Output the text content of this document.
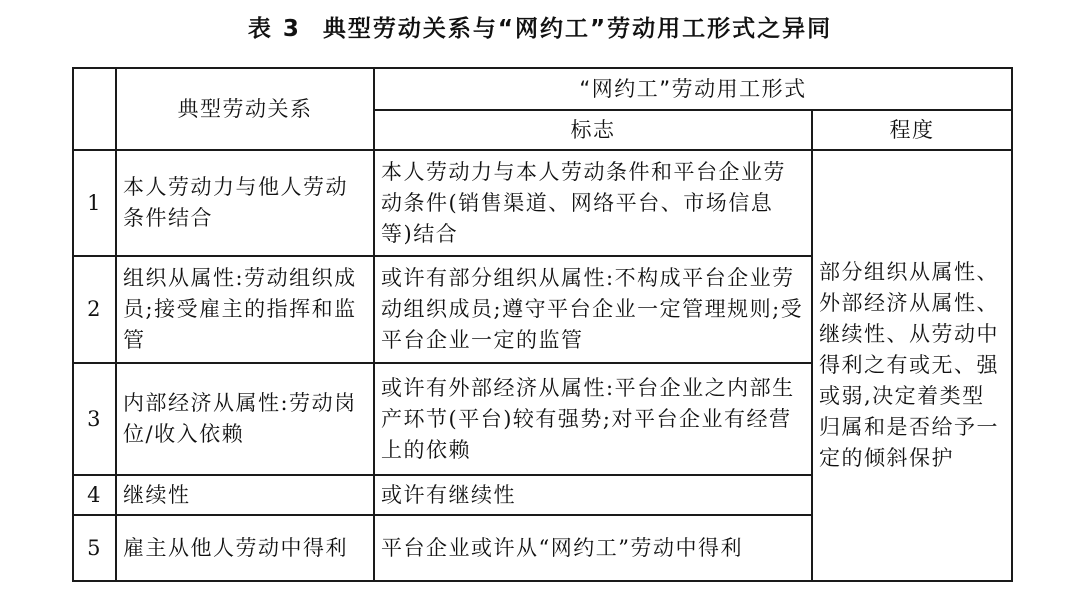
表 3 典型劳动关系与“网约工”劳动用工形式之异同
	典型劳动关系	“网约工”劳动用工形式	
		标志	程度
1	本人劳动力与他人劳动条件结合	本人劳动力与本人劳动条件和平台企业劳动条件(销售渠道、网络平台、市场信息等)结合	部分组织从属性、外部经济从属性、继续性、从劳动中得利之有或无、强或弱,决定着类型归属和是否给予一定的倾斜保护
2	组织从属性:劳动组织成员;接受雇主的指挥和监管	或许有部分组织从属性:不构成平台企业劳动组织成员;遵守平台企业一定管理规则;受平台企业一定的监管	
3	内部经济从属性:劳动岗位/收入依赖	或许有外部经济从属性:平台企业之内部生产环节(平台)较有强势;对平台企业有经营上的依赖	
4	继续性	或许有继续性	
5	雇主从他人劳动中得利	平台企业或许从“网约工”劳动中得利	
